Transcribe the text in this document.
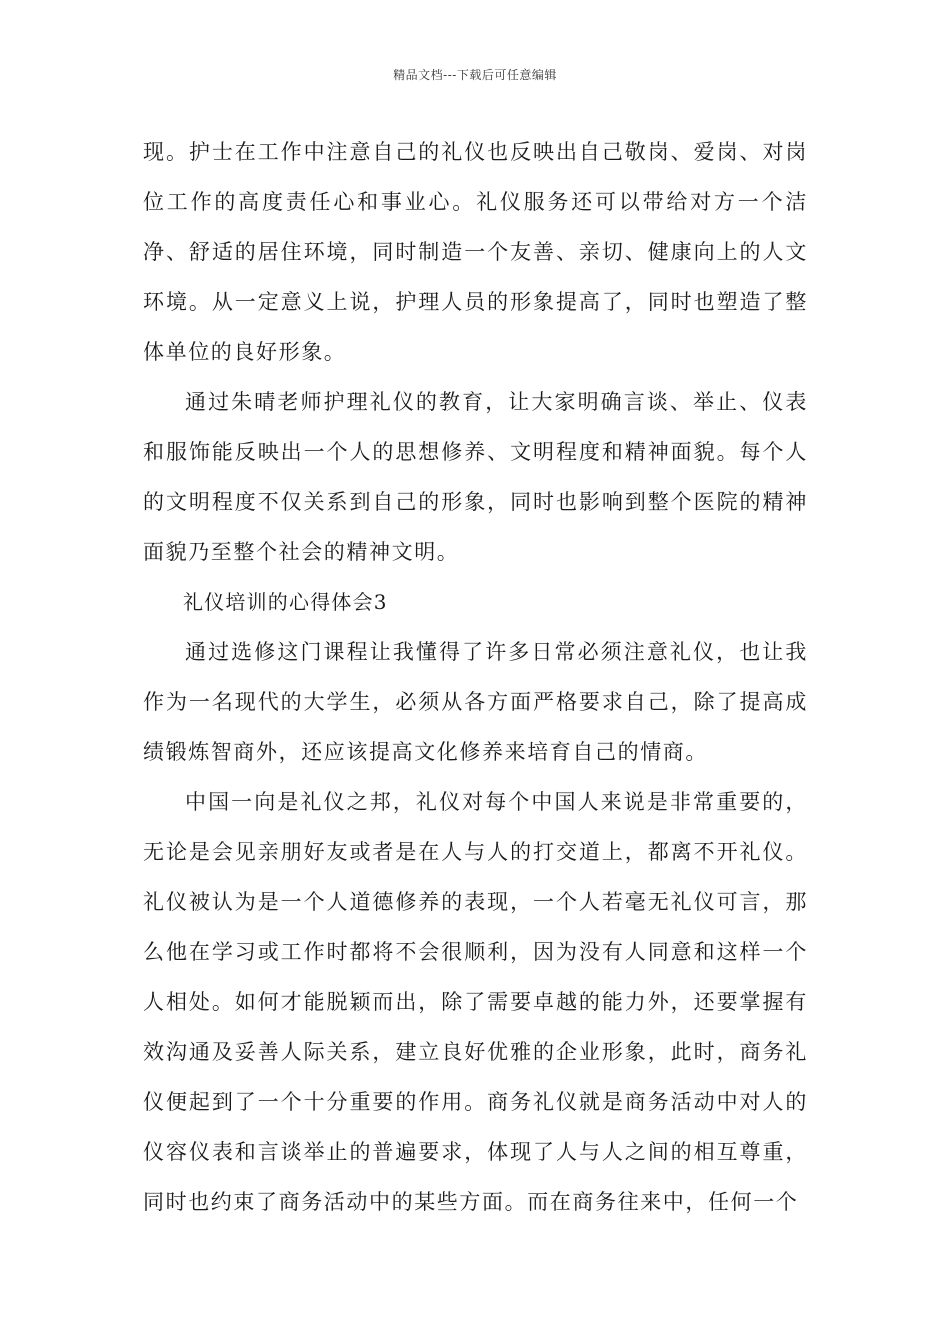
精品文档---下载后可任意编辑

现。护士在工作中注意自己的礼仪也反映出自己敬岗、爱岗、对岗位工作的高度责任心和事业心。礼仪服务还可以带给对方一个洁净、舒适的居住环境，同时制造一个友善、亲切、健康向上的人文环境。从一定意义上说，护理人员的形象提高了，同时也塑造了整体单位的良好形象。

通过朱晴老师护理礼仪的教育，让大家明确言谈、举止、仪表和服饰能反映出一个人的思想修养、文明程度和精神面貌。每个人的文明程度不仅关系到自己的形象，同时也影响到整个医院的精神面貌乃至整个社会的精神文明。

礼仪培训的心得体会3

通过选修这门课程让我懂得了许多日常必须注意礼仪，也让我作为一名现代的大学生，必须从各方面严格要求自己，除了提高成绩锻炼智商外，还应该提高文化修养来培育自己的情商。

中国一向是礼仪之邦，礼仪对每个中国人来说是非常重要的，无论是会见亲朋好友或者是在人与人的打交道上，都离不开礼仪。礼仪被认为是一个人道德修养的表现，一个人若毫无礼仪可言，那么他在学习或工作时都将不会很顺利，因为没有人同意和这样一个人相处。如何才能脱颖而出，除了需要卓越的能力外，还要掌握有效沟通及妥善人际关系，建立良好优雅的企业形象，此时，商务礼仪便起到了一个十分重要的作用。商务礼仪就是商务活动中对人的仪容仪表和言谈举止的普遍要求，体现了人与人之间的相互尊重，同时也约束了商务活动中的某些方面。而在商务往来中，任何一个
